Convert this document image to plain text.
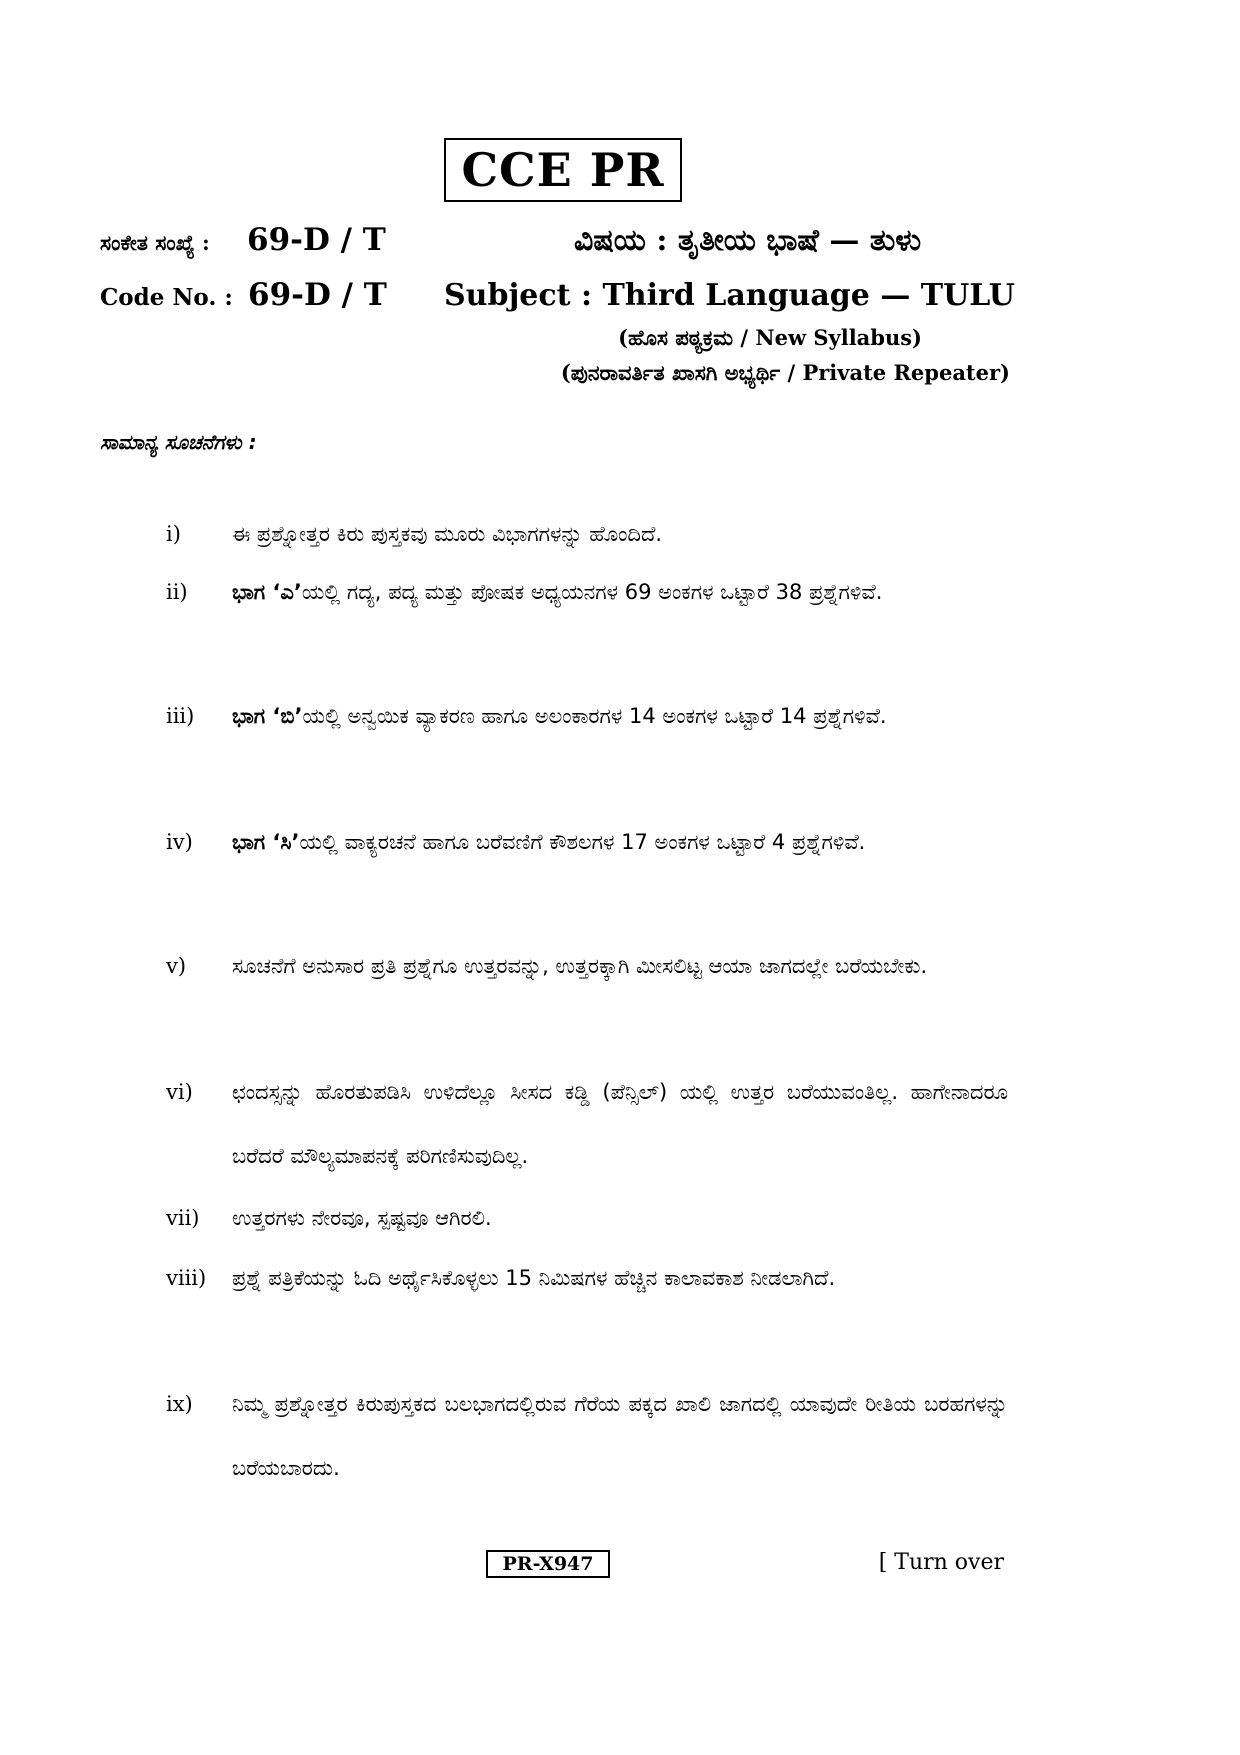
CCE PR
ಸಂಕೇತ ಸಂಖ್ಯೆ : 69-D / T	ವಿಷಯ : ತೃತೀಯ ಭಾಷೆ — ತುಳು
Code No. : 69-D / T Subject : Third Language — TULU
(ಹೊಸ ಪಠ್ಯಕ್ರಮ / New Syllabus)
(ಪುನರಾವರ್ತಿತ ಖಾಸಗಿ ಅಭ್ಯರ್ಥಿ / Private Repeater)
ಸಾಮಾನ್ಯ ಸೂಚನೆಗಳು :
i) ಈ ಪ್ರಶ್ನೋತ್ತರ ಕಿರು ಪುಸ್ತಕವು ಮೂರು ವಿಭಾಗಗಳನ್ನು ಹೊಂದಿದೆ.
ii) ಭಾಗ ‘ಎ’ಯಲ್ಲಿ ಗದ್ಯ, ಪದ್ಯ ಮತ್ತು ಪೋಷಕ ಅಧ್ಯಯನಗಳ 69 ಅಂಕಗಳ ಒಟ್ಟಾರೆ 38 ಪ್ರಶ್ನೆಗಳಿವೆ.
iii) ಭಾಗ ‘ಬಿ’ಯಲ್ಲಿ ಅನ್ವಯಿಕ ವ್ಯಾಕರಣ ಹಾಗೂ ಅಲಂಕಾರಗಳ 14 ಅಂಕಗಳ ಒಟ್ಟಾರೆ 14 ಪ್ರಶ್ನೆಗಳಿವೆ.
iv) ಭಾಗ ‘ಸಿ’ಯಲ್ಲಿ ವಾಕ್ಯರಚನೆ ಹಾಗೂ ಬರೆವಣಿಗೆ ಕೌಶಲಗಳ 17 ಅಂಕಗಳ ಒಟ್ಟಾರೆ 4 ಪ್ರಶ್ನೆಗಳಿವೆ.
v) ಸೂಚನೆಗೆ ಅನುಸಾರ ಪ್ರತಿ ಪ್ರಶ್ನೆಗೂ ಉತ್ತರವನ್ನು, ಉತ್ತರಕ್ಕಾಗಿ ಮೀಸಲಿಟ್ಟ ಆಯಾ ಜಾಗದಲ್ಲೇ ಬರೆಯಬೇಕು.
vi) ಛಂದಸ್ಸನ್ನು ಹೊರತುಪಡಿಸಿ ಉಳಿದೆಲ್ಲೂ ಸೀಸದ ಕಡ್ಡಿ (ಪೆನ್ಸಿಲ್) ಯಲ್ಲಿ ಉತ್ತರ ಬರೆಯುವಂತಿಲ್ಲ. ಹಾಗೇನಾದರೂ ಬರೆದರೆ ಮೌಲ್ಯಮಾಪನಕ್ಕೆ ಪರಿಗಣಿಸುವುದಿಲ್ಲ.
vii) ಉತ್ತರಗಳು ನೇರವೂ, ಸ್ಪಷ್ಟವೂ ಆಗಿರಲಿ.
viii) ಪ್ರಶ್ನೆ ಪತ್ರಿಕೆಯನ್ನು ಓದಿ ಅರ್ಥೈಸಿಕೊಳ್ಳಲು 15 ನಿಮಿಷಗಳ ಹೆಚ್ಚಿನ ಕಾಲಾವಕಾಶ ನೀಡಲಾಗಿದೆ.
ix) ನಿಮ್ಮ ಪ್ರಶ್ನೋತ್ತರ ಕಿರುಪುಸ್ತಕದ ಬಲಭಾಗದಲ್ಲಿರುವ ಗೆರೆಯ ಪಕ್ಕದ ಖಾಲಿ ಜಾಗದಲ್ಲಿ ಯಾವುದೇ ರೀತಿಯ ಬರಹಗಳನ್ನು ಬರೆಯಬಾರದು.
PR-X947	[ Turn over
